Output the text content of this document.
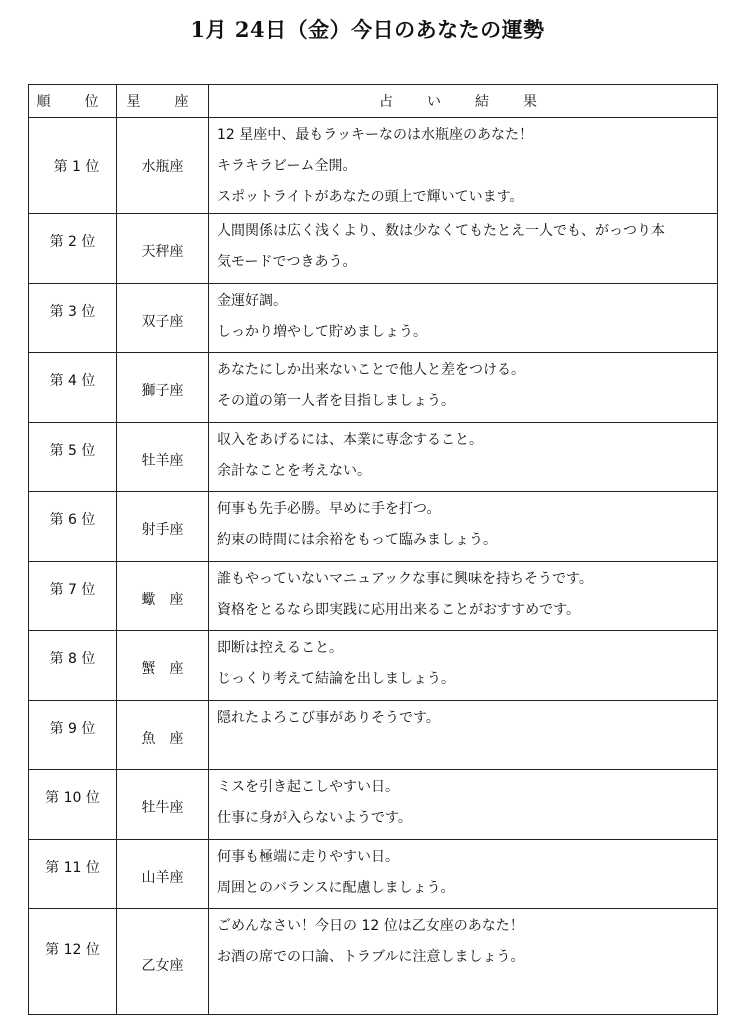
1月 24日（金）今日のあなたの運勢
順　位	星　座	占　い　結　果
第 1 位	水瓶座	12 星座中、最もラッキーなのは水瓶座のあなた！
キラキラビーム全開。
スポットライトがあなたの頭上で輝いています。

第 2 位	天秤座	人間関係は広く浅くより、数は少なくてもたとえ一人でも、がっつり本
気モードでつきあう。

第 3 位	双子座	金運好調。
しっかり増やして貯めましょう。

第 4 位	獅子座	あなたにしか出来ないことで他人と差をつける。
その道の第一人者を目指しましょう。

第 5 位	牡羊座	収入をあげるには、本業に専念すること。
余計なことを考えない。

第 6 位	射手座	何事も先手必勝。早めに手を打つ。
約束の時間には余裕をもって臨みましょう。

第 7 位	蠍　座	誰もやっていないマニュアックな事に興味を持ちそうです。
資格をとるなら即実践に応用出来ることがおすすめです。

第 8 位	蟹　座	即断は控えること。
じっくり考えて結論を出しましょう。

第 9 位	魚　座	隠れたよろこび事がありそうです。

第 10 位	牡牛座	ミスを引き起こしやすい日。
仕事に身が入らないようです。

第 11 位	山羊座	何事も極端に走りやすい日。
周囲とのバランスに配慮しましょう。

第 12 位	乙女座	ごめんなさい！今日の 12 位は乙女座のあなた！
お酒の席での口論、トラブルに注意しましょう。
